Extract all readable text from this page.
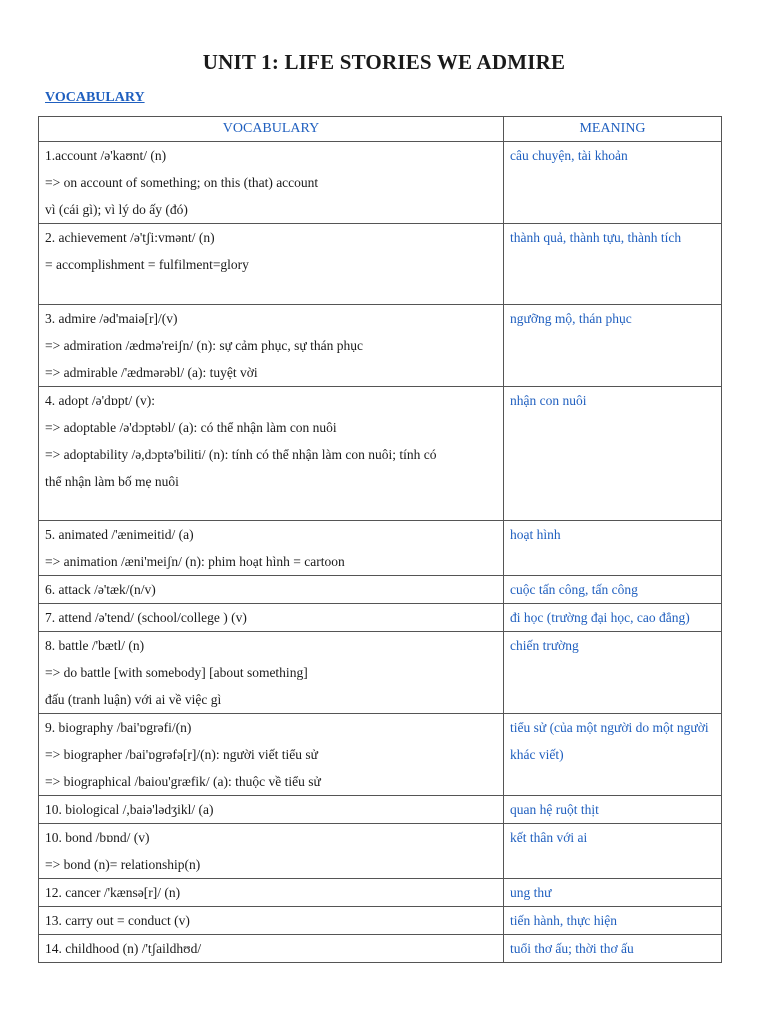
UNIT 1: LIFE STORIES WE ADMIRE
VOCABULARY
VOCABULARY	MEANING

1.account /ə'kaʊnt/ (n)
=> on account of something; on this (that) account
vì (cái gì); vì lý do ấy (đó)	câu chuyện, tài khoản

2. achievement /ə'tʃi:vmənt/ (n)
= accomplishment = fulfilment=glory	thành quả, thành tựu, thành tích

3. admire /əd'maiə[r]/(v)
=> admiration /ædmə'reiʃn/ (n): sự cảm phục, sự thán phục
=> admirable /'ædmərəbl/ (a): tuyệt vời	ngưỡng mộ, thán phục

4. adopt /ə'dɒpt/ (v):
=> adoptable /ə'dɔptəbl/ (a): có thể nhận làm con nuôi
=> adoptability /ə,dɔptə'biliti/ (n): tính có thể nhận làm con nuôi; tính có
thể nhận làm bố mẹ nuôi	nhận con nuôi

5. animated /'ænimeitid/ (a)
=> animation /æni'meiʃn/ (n): phim hoạt hình = cartoon	hoạt hình

6. attack /ə'tæk/(n/v)	cuộc tấn công, tấn công

7. attend /ə'tend/ (school/college ) (v)	đi học (trường đại học, cao đẳng)

8. battle /'bætl/ (n)
=> do battle [with somebody] [about something]
đấu (tranh luận) với ai về việc gì	chiến trường

9. biography /bai'ɒgrəfi/(n)
=> biographer /bai'ɒgrəfə[r]/(n): người viết tiểu sử
=> biographical /baiou'græfik/ (a): thuộc về tiểu sử	tiểu sử (của một người do một người khác viết)

10. biological /,baiə'lədʒikl/ (a)	quan hệ ruột thịt

10. bond /bɒnd/ (v)
=> bond (n)= relationship(n)	kết thân với ai

12. cancer /'kænsə[r]/ (n)	ung thư

13. carry out = conduct (v)	tiến hành, thực hiện

14. childhood (n) /'tʃaildhʊd/	tuổi thơ ấu; thời thơ ấu
